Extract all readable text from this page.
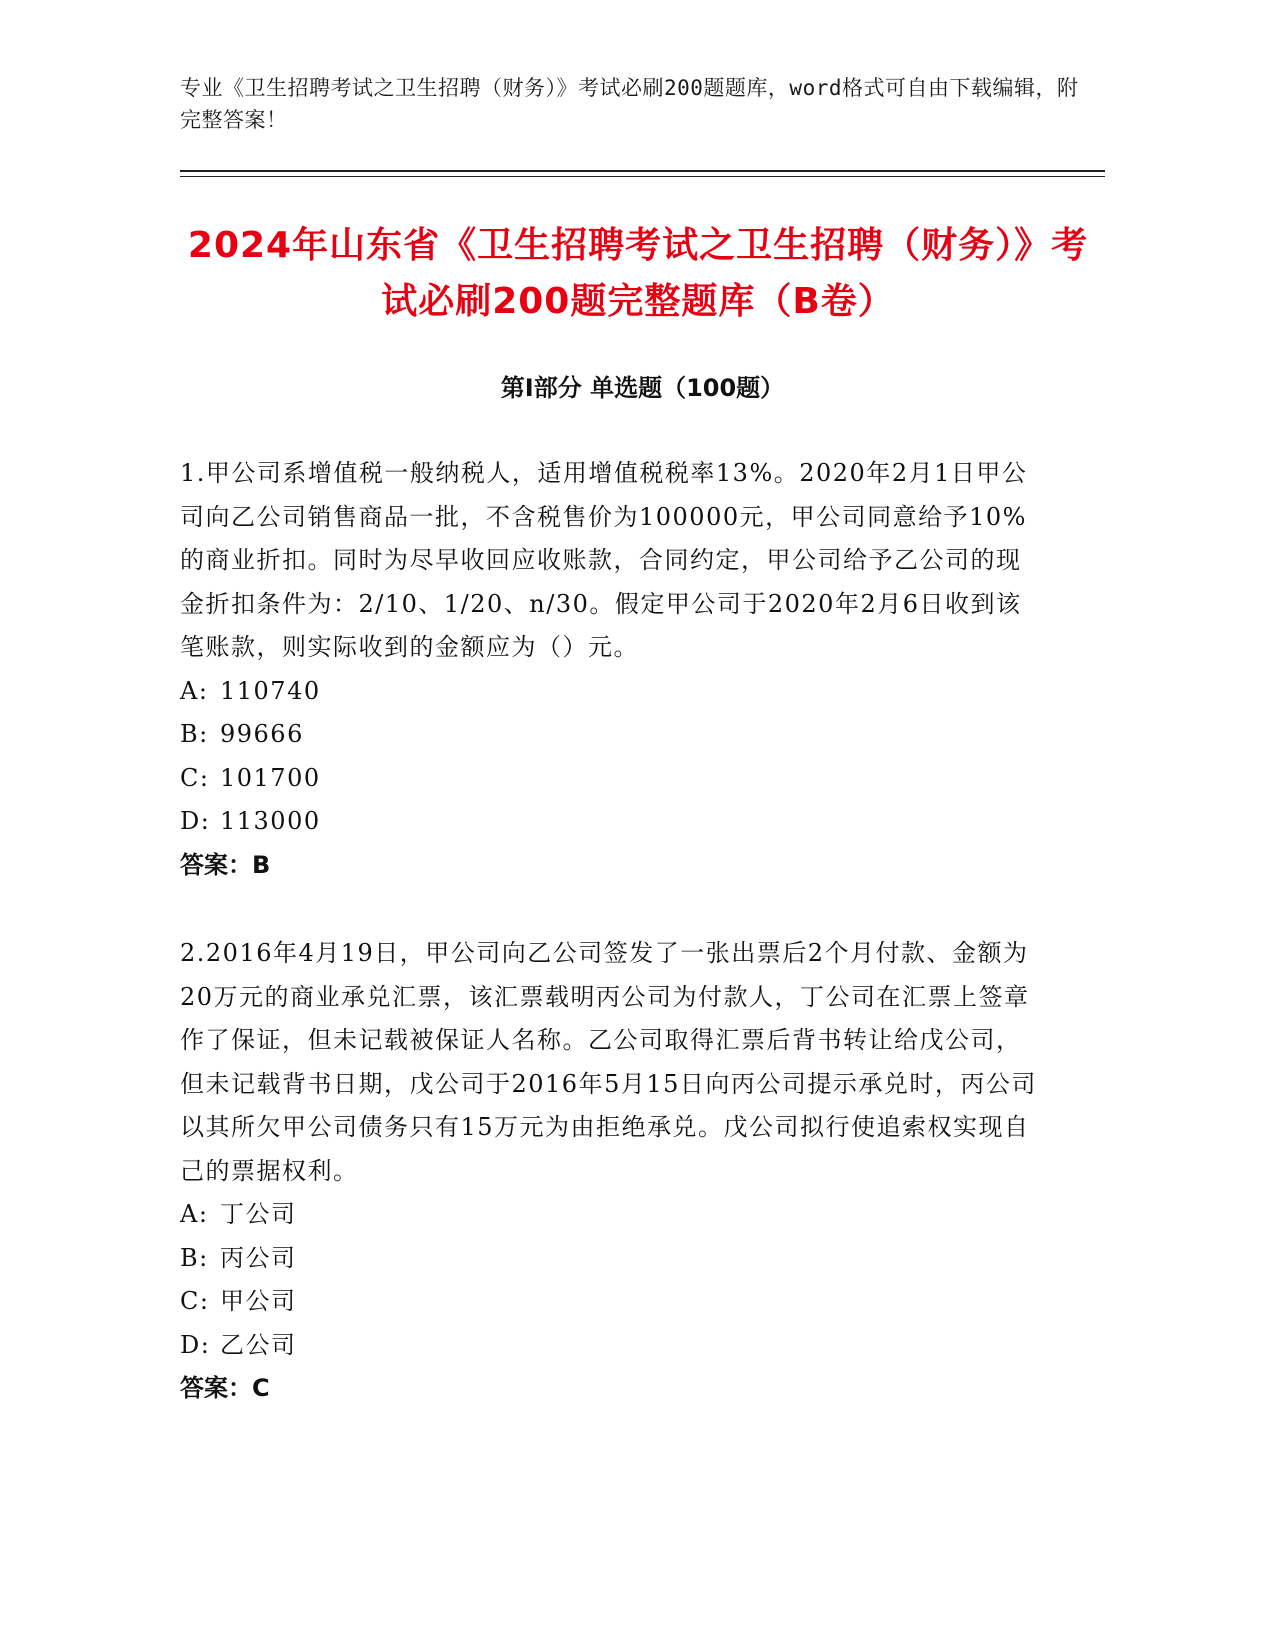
专业《卫生招聘考试之卫生招聘（财务）》考试必刷200题题库，word格式可自由下载编辑，附完整答案！
2024年山东省《卫生招聘考试之卫生招聘（财务）》考试必刷200题完整题库（B卷）
第I部分 单选题（100题）

1.甲公司系增值税一般纳税人，适用增值税税率13%。2020年2月1日甲公司向乙公司销售商品一批，不含税售价为100000元，甲公司同意给予10%的商业折扣。同时为尽早收回应收账款，合同约定，甲公司给予乙公司的现金折扣条件为：2/10、1/20、n/30。假定甲公司于2020年2月6日收到该笔账款，则实际收到的金额应为（）元。

A: 110740

B: 99666

C: 101700

D: 113000

答案：B

2.2016年4月19日，甲公司向乙公司签发了一张出票后2个月付款、金额为20万元的商业承兑汇票，该汇票载明丙公司为付款人，丁公司在汇票上签章作了保证，但未记载被保证人名称。乙公司取得汇票后背书转让给戊公司，但未记载背书日期，戊公司于2016年5月15日向丙公司提示承兑时，丙公司以其所欠甲公司债务只有15万元为由拒绝承兑。戊公司拟行使追索权实现自己的票据权利。

A: 丁公司

B: 丙公司

C: 甲公司

D: 乙公司

答案：C
